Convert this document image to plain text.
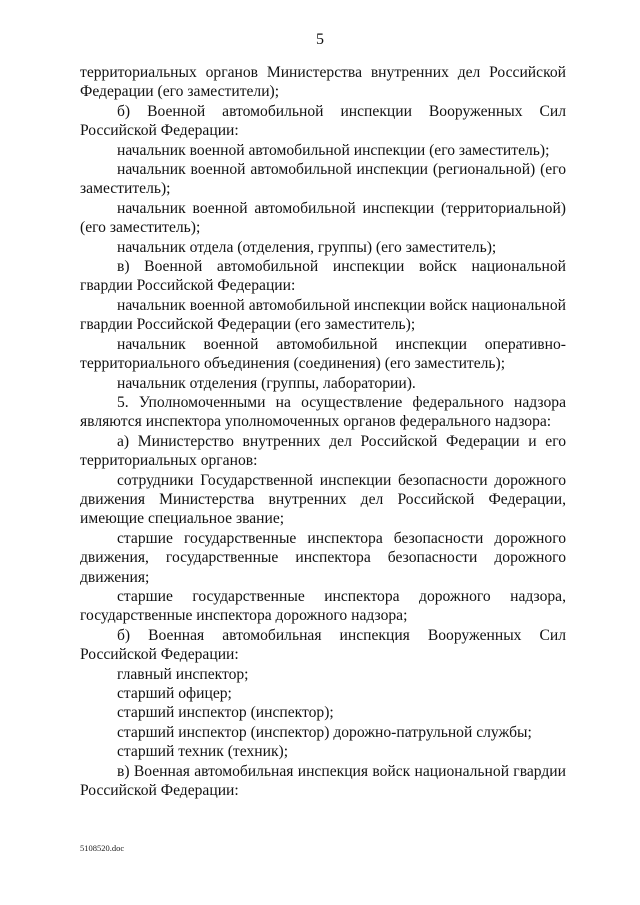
5

территориальных органов Министерства внутренних дел Российской Федерации (его заместители);

б) Военной автомобильной инспекции Вооруженных Сил Российской Федерации:

начальник военной автомобильной инспекции (его заместитель);

начальник военной автомобильной инспекции (региональной) (его заместитель);

начальник военной автомобильной инспекции (территориальной) (его заместитель);

начальник отдела (отделения, группы) (его заместитель);

в) Военной автомобильной инспекции войск национальной гвардии Российской Федерации:

начальник военной автомобильной инспекции войск национальной гвардии Российской Федерации (его заместитель);

начальник военной автомобильной инспекции оперативно-территориального объединения (соединения) (его заместитель);

начальник отделения (группы, лаборатории).

5. Уполномоченными на осуществление федерального надзора являются инспектора уполномоченных органов федерального надзора:

а) Министерство внутренних дел Российской Федерации и его территориальных органов:

сотрудники Государственной инспекции безопасности дорожного движения Министерства внутренних дел Российской Федерации, имеющие специальное звание;

старшие государственные инспектора безопасности дорожного движения, государственные инспектора безопасности дорожного движения;

старшие государственные инспектора дорожного надзора, государственные инспектора дорожного надзора;

б) Военная автомобильная инспекция Вооруженных Сил Российской Федерации:

главный инспектор;

старший офицер;

старший инспектор (инспектор);

старший инспектор (инспектор) дорожно-патрульной службы;

старший техник (техник);

в) Военная автомобильная инспекция войск национальной гвардии Российской Федерации:

5108520.doc
